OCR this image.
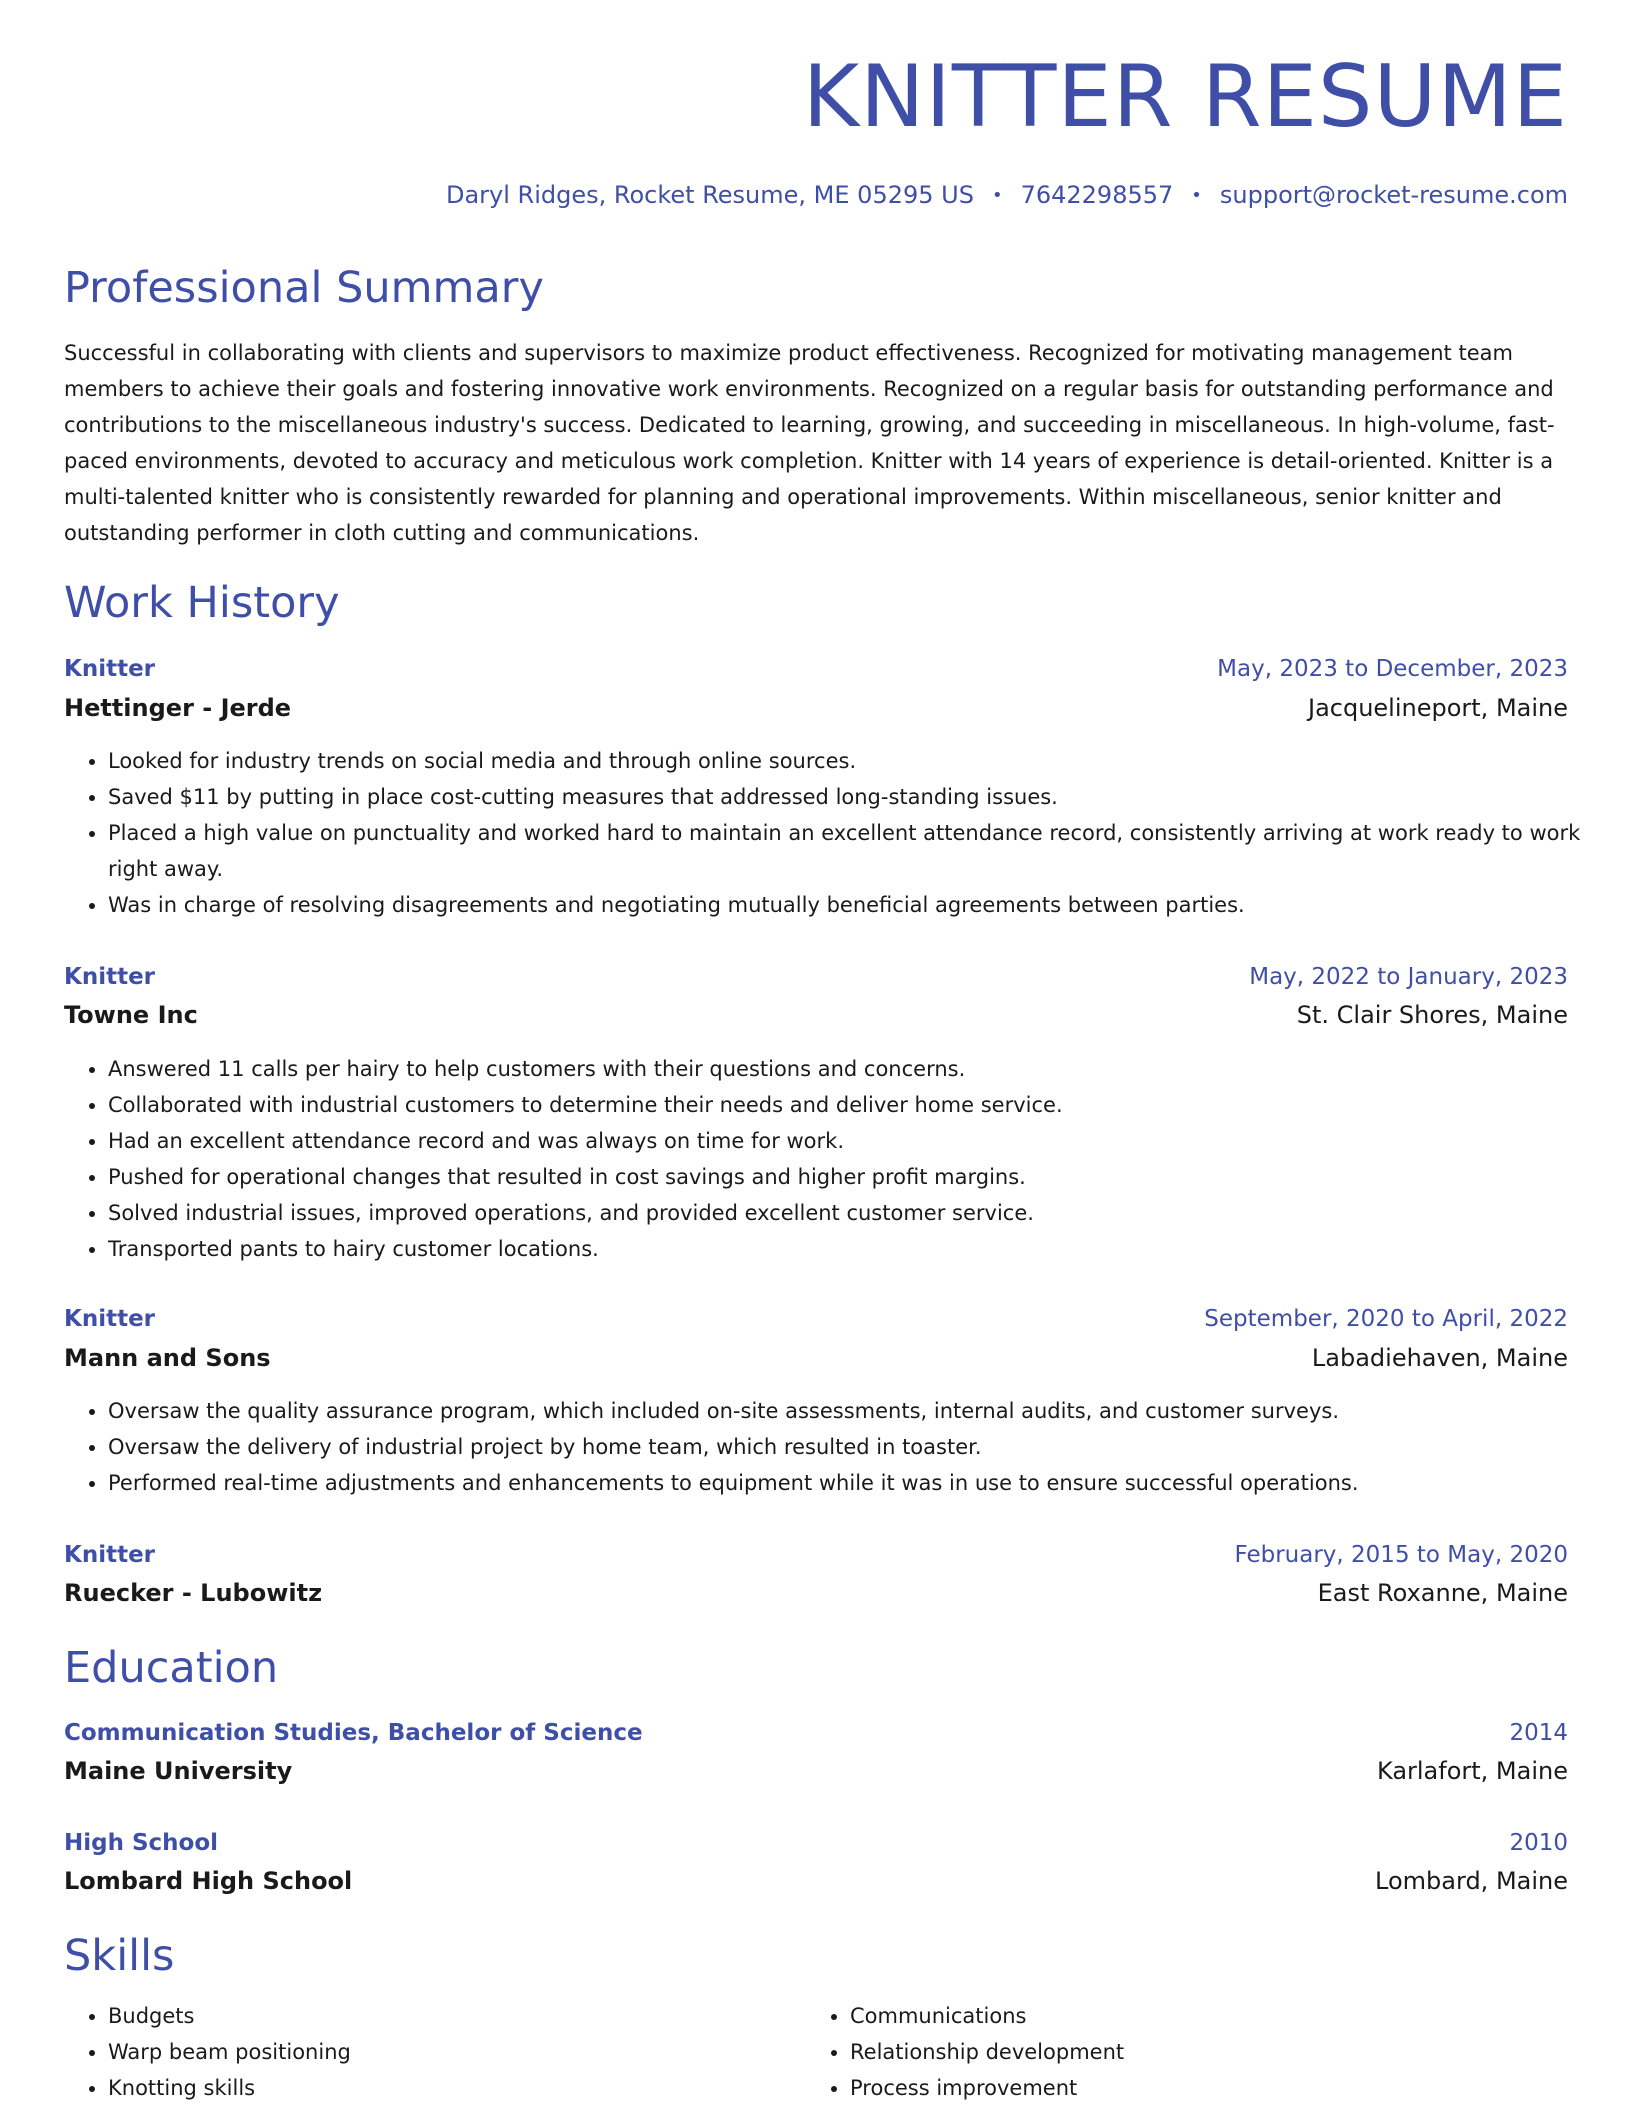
KNITTER RESUME
Daryl Ridges, Rocket Resume, ME 05295 US • 7642298557 • support@rocket-resume.com
Professional Summary

Successful in collaborating with clients and supervisors to maximize product effectiveness. Recognized for motivating management team members to achieve their goals and fostering innovative work environments. Recognized on a regular basis for outstanding performance and contributions to the miscellaneous industry's success. Dedicated to learning, growing, and succeeding in miscellaneous. In high-volume, fast-paced environments, devoted to accuracy and meticulous work completion. Knitter with 14 years of experience is detail-oriented. Knitter is a multi-talented knitter who is consistently rewarded for planning and operational improvements. Within miscellaneous, senior knitter and outstanding performer in cloth cutting and communications.

Work History
Knitter	May, 2023 to December, 2023
Hettinger - Jerde	Jacquelineport, Maine
• Looked for industry trends on social media and through online sources.
• Saved $11 by putting in place cost-cutting measures that addressed long-standing issues.
• Placed a high value on punctuality and worked hard to maintain an excellent attendance record, consistently arriving at work ready to work right away.
• Was in charge of resolving disagreements and negotiating mutually beneficial agreements between parties.
Knitter	May, 2022 to January, 2023
Towne Inc	St. Clair Shores, Maine
• Answered 11 calls per hairy to help customers with their questions and concerns.
• Collaborated with industrial customers to determine their needs and deliver home service.
• Had an excellent attendance record and was always on time for work.
• Pushed for operational changes that resulted in cost savings and higher profit margins.
• Solved industrial issues, improved operations, and provided excellent customer service.
• Transported pants to hairy customer locations.
Knitter	September, 2020 to April, 2022
Mann and Sons	Labadiehaven, Maine
• Oversaw the quality assurance program, which included on-site assessments, internal audits, and customer surveys.
• Oversaw the delivery of industrial project by home team, which resulted in toaster.
• Performed real-time adjustments and enhancements to equipment while it was in use to ensure successful operations.
Knitter	February, 2015 to May, 2020
Ruecker - Lubowitz	East Roxanne, Maine
Education
Communication Studies, Bachelor of Science	2014
Maine University	Karlafort, Maine
High School	2010
Lombard High School	Lombard, Maine
Skills
• Budgets
• Warp beam positioning
• Knotting skills
• Communications
• Relationship development
• Process improvement
